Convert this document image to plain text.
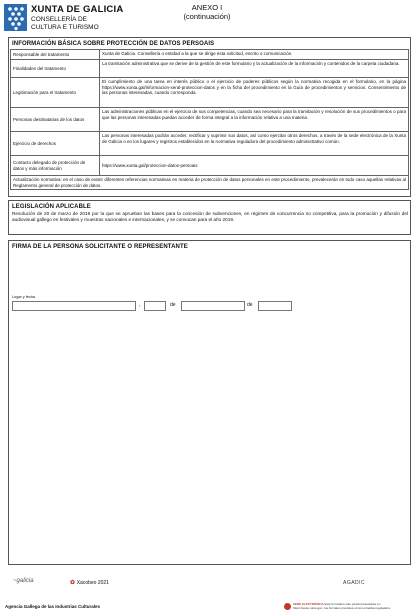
XUNTA DE GALICIA
CONSELLERÍA DE
CULTURA E TURISMO
ANEXO I
(continuación)
INFORMACIÓN BÁSICA SOBRE PROTECCIÓN DE DATOS PERSOAIS
Responsable del tratamento	Xunta de Galicia. Consellería o entidad a la que se dirige esta solicitud, escrito o comunicación.
Finalidades del tratamento	La tramitación administrativa que se derive de la gestión de este formulario y la actualización de la información y contenidos de la carpeta ciudadana.
Legitimación para el tratamento	El cumplimiento de una tarea en interés público o el ejercicio de poderes públicos según la normativa recogida en el formulario, en la página https://www.xunta.gal/informacion-xeral-proteccion-datos y en la ficha del procedimiento en la Guía de procedimientos y servicios. Consentimiento de las personas interesadas, cuando corresponda.
Personas destinatarias de los datos	Las administraciones públicas en el ejercicio de sus competencias, cuando sea necesario para la tramitación y resolución de sus procedimientos o para que las personas interesadas puedan acceder de forma integral a la información relativa a una materia.
Ejercicio de derechos	Las personas interesadas podrán acceder, rectificar y suprimir sus datos, así como ejercitar otros derechos, a través de la sede electrónica de la Xunta de Galicia o en los lugares y registros establecidos en la normativa reguladora del procedimiento administrativo común.
Contacto delegado de protección de datos y más información	https://www.xunta.gal/proteccion-datos-persoais
Actualización normativa: en el caso de existir diferentes referencias normativas en materia de protección de datos personales en este procedimiento, prevalecerán en todo caso aquellas relativas al Reglamento general de protección de datos.	
LEGISLACIÓN APLICABLE
Resolución de 20 de marzo de 2019 por la que se aprueban las bases para la concesión de subvenciones, en régimen de concurrencia no competitiva, para la promoción y difusión del audiovisual gallego en festivales y muestras nacionales e internacionales, y se convocan para el año 2019.
FIRMA DE LA PERSONA SOLICITANTE O REPRESENTANTE
Lugar y fecha
,	de	de
~galicia	✿ Xacobeo 2021	AGADIC
Agencia Gallega de las Industrias Culturales	SEDE ELECTRÓNICA Este formulario sólo podrá presentarse en
https://sede.xunta.gal - los formatos previstos en la normativa reguladora
